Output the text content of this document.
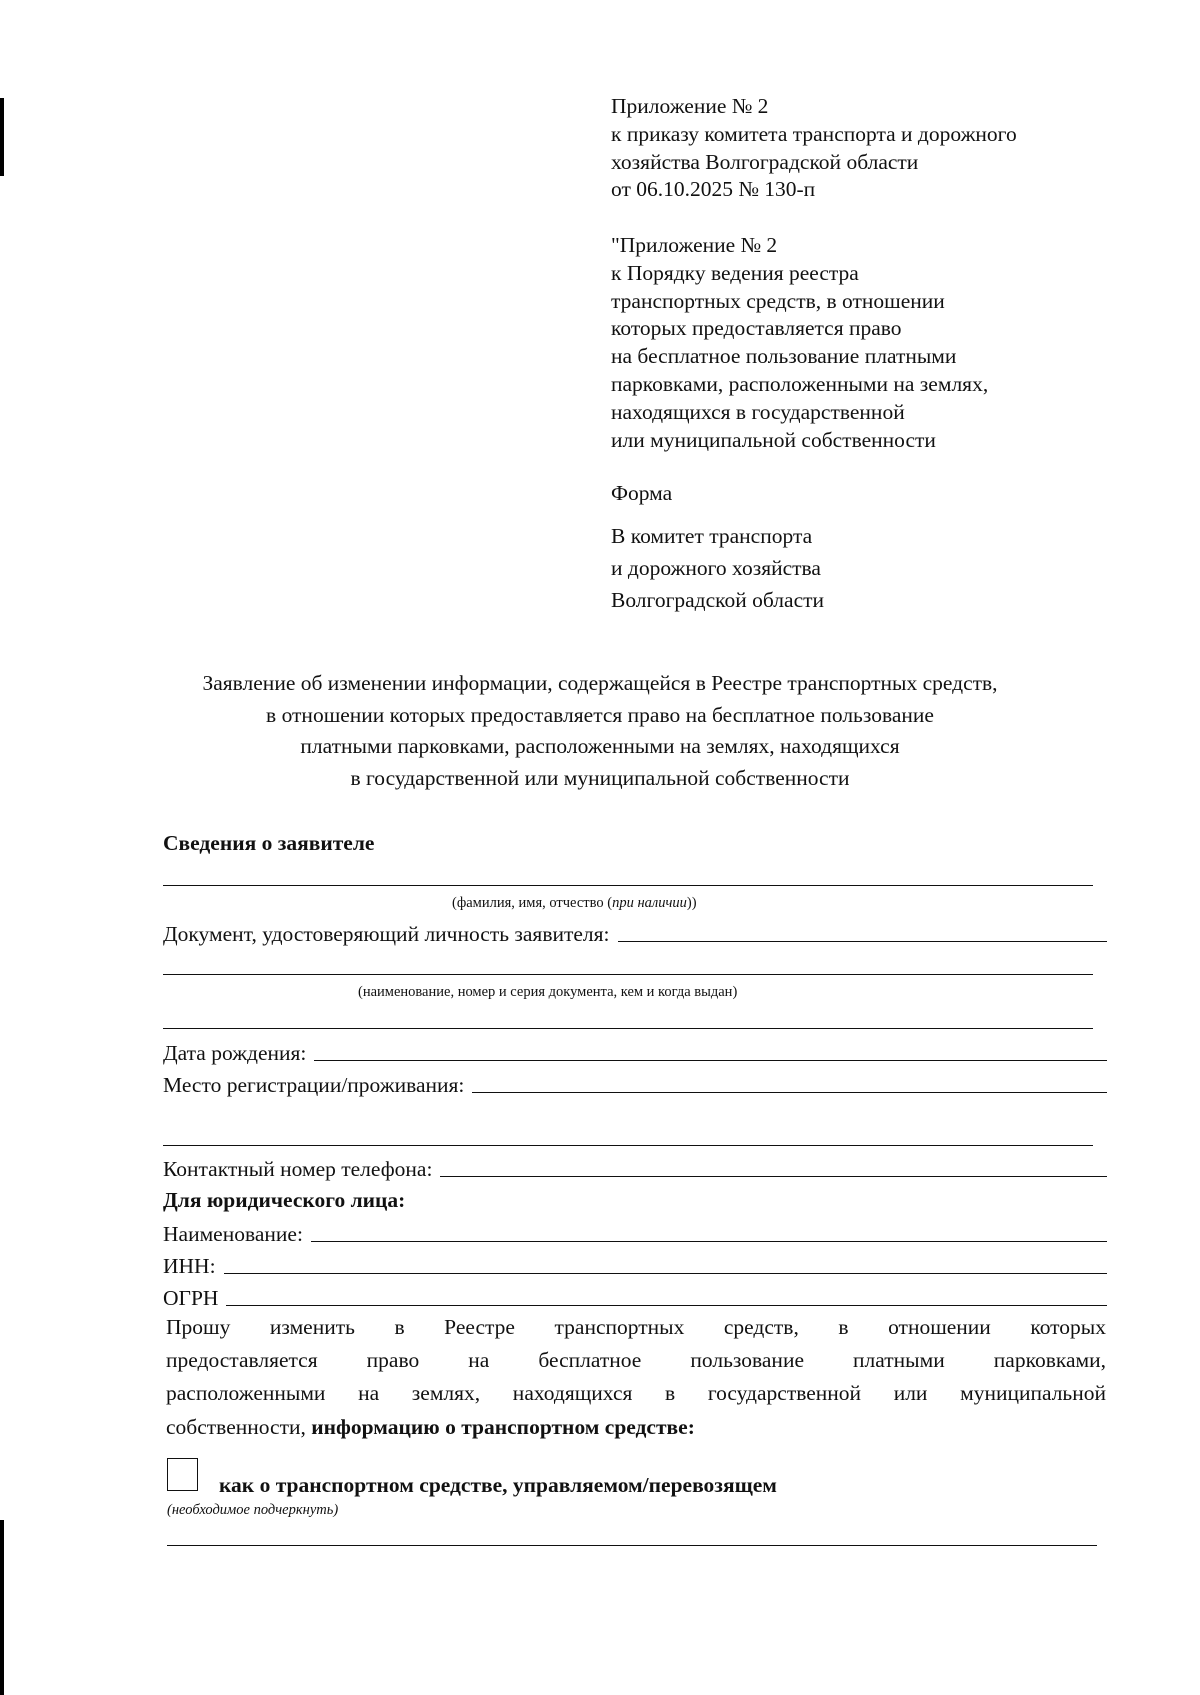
Приложение № 2
к приказу комитета транспорта и дорожного
хозяйства Волгоградской области
от 06.10.2025 № 130-п
"Приложение № 2
к Порядку ведения реестра
транспортных средств, в отношении
которых предоставляется право
на бесплатное пользование платными
парковками, расположенными на землях,
находящихся в государственной
или муниципальной собственности
Форма
В комитет транспорта
и дорожного хозяйства
Волгоградской области
Заявление об изменении информации, содержащейся в Реестре транспортных средств,
в отношении которых предоставляется право на бесплатное пользование
платными парковками, расположенными на землях, находящихся
в государственной или муниципальной собственности
Сведения о заявителе
(фамилия, имя, отчество (при наличии))
Документ, удостоверяющий личность заявителя:
(наименование, номер и серия документа, кем и когда выдан)
Дата рождения:
Место регистрации/проживания:
Контактный номер телефона:
Для юридического лица:
Наименование:
ИНН:
ОГРН
Прошу изменить в Реестре транспортных средств, в отношении которых
предоставляется право на бесплатное пользование платными парковками,
расположенными на землях, находящихся в государственной или муниципальной
собственности, информацию о транспортном средстве:
как о транспортном средстве, управляемом/перевозящем
(необходимое подчеркнуть)
